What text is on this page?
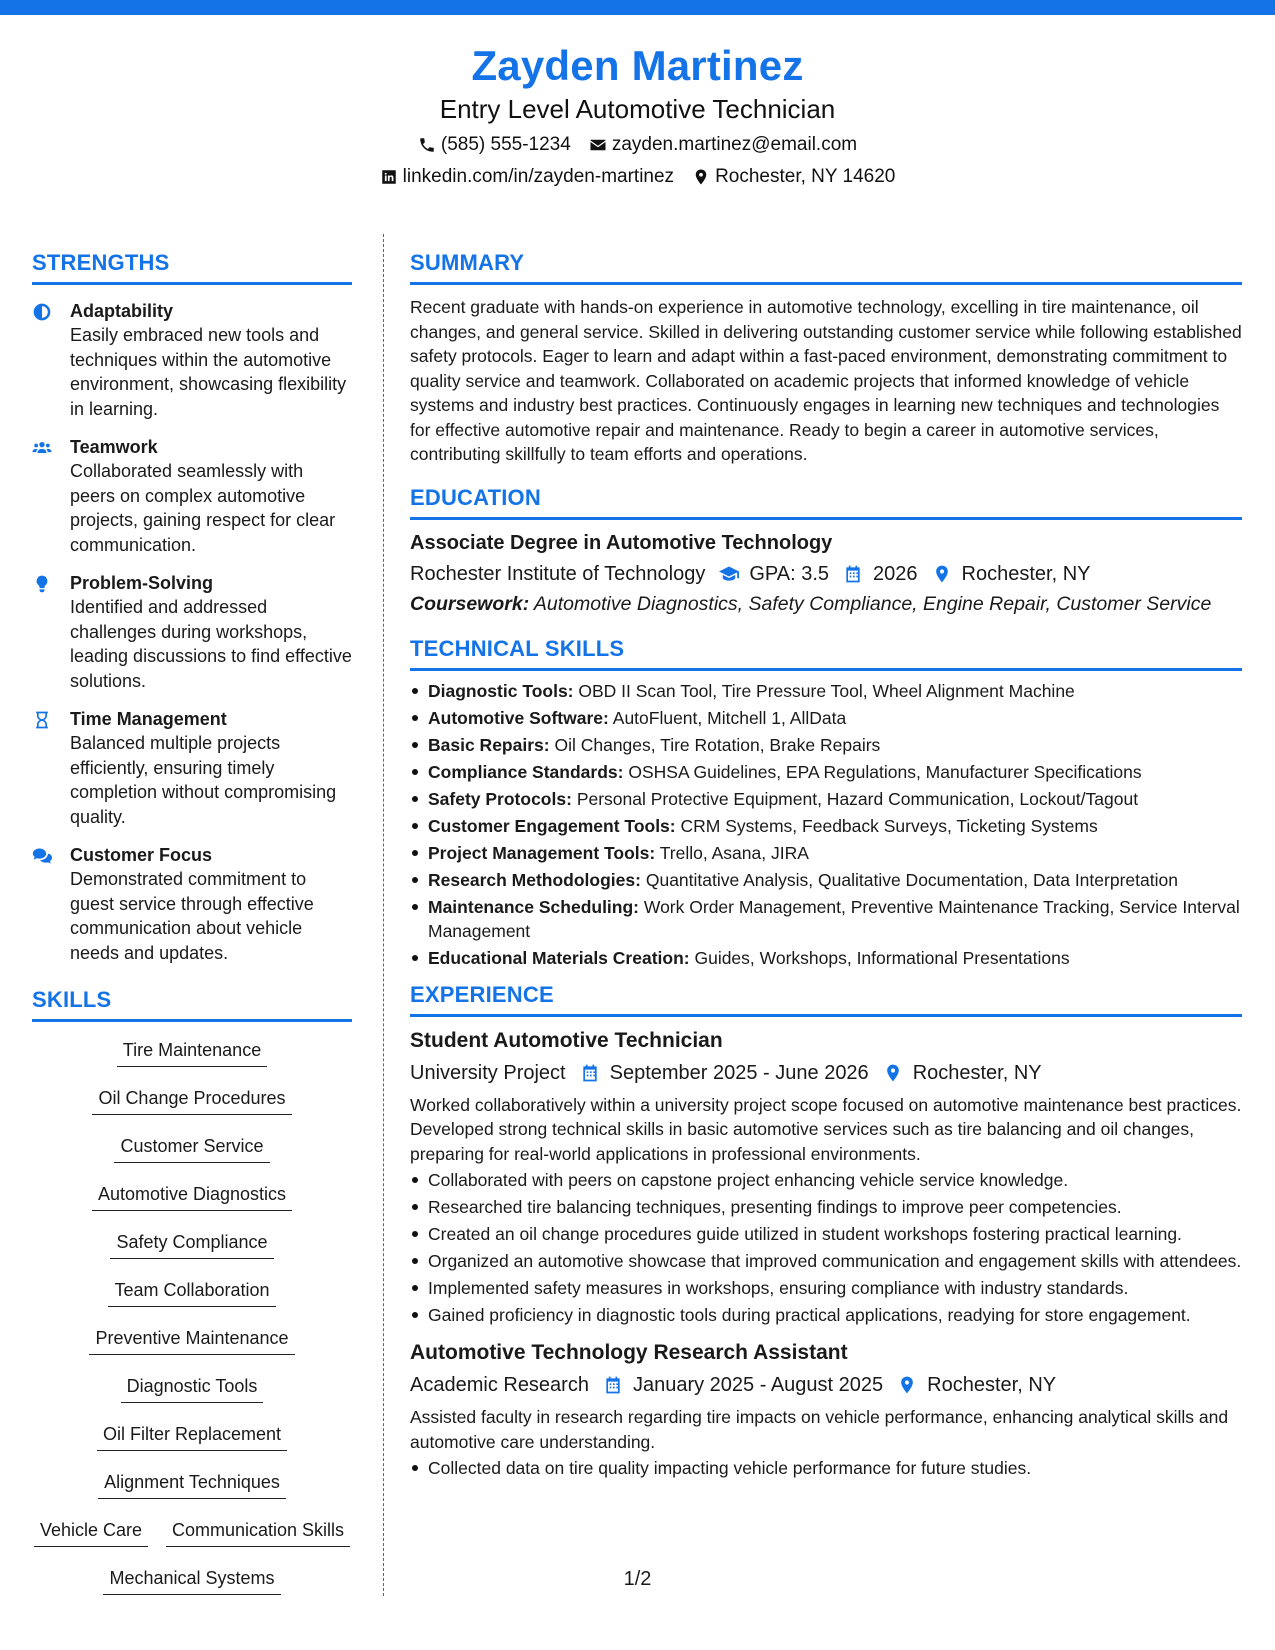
Zayden Martinez
Entry Level Automotive Technician
(585) 555-1234 zayden.martinez@email.com
linkedin.com/in/zayden-martinez Rochester, NY 14620
STRENGTHS
Adaptability
Easily embraced new tools and techniques within the automotive environment, showcasing flexibility in learning.
Teamwork
Collaborated seamlessly with peers on complex automotive projects, gaining respect for clear communication.
Problem-Solving
Identified and addressed challenges during workshops, leading discussions to find effective solutions.
Time Management
Balanced multiple projects efficiently, ensuring timely completion without compromising quality.
Customer Focus
Demonstrated commitment to guest service through effective communication about vehicle needs and updates.
SKILLS
Tire Maintenance
Oil Change Procedures
Customer Service
Automotive Diagnostics
Safety Compliance
Team Collaboration
Preventive Maintenance
Diagnostic Tools
Oil Filter Replacement
Alignment Techniques
Vehicle Care	Communication Skills
Mechanical Systems
SUMMARY
Recent graduate with hands-on experience in automotive technology, excelling in tire maintenance, oil changes, and general service. Skilled in delivering outstanding customer service while following established safety protocols. Eager to learn and adapt within a fast-paced environment, demonstrating commitment to quality service and teamwork. Collaborated on academic projects that informed knowledge of vehicle systems and industry best practices. Continuously engages in learning new techniques and technologies for effective automotive repair and maintenance. Ready to begin a career in automotive services, contributing skillfully to team efforts and operations.
EDUCATION
Associate Degree in Automotive Technology
Rochester Institute of Technology GPA: 3.5 2026 Rochester, NY
Coursework: Automotive Diagnostics, Safety Compliance, Engine Repair, Customer Service
TECHNICAL SKILLS
Diagnostic Tools: OBD II Scan Tool, Tire Pressure Tool, Wheel Alignment Machine
Automotive Software: AutoFluent, Mitchell 1, AllData
Basic Repairs: Oil Changes, Tire Rotation, Brake Repairs
Compliance Standards: OSHSA Guidelines, EPA Regulations, Manufacturer Specifications
Safety Protocols: Personal Protective Equipment, Hazard Communication, Lockout/Tagout
Customer Engagement Tools: CRM Systems, Feedback Surveys, Ticketing Systems
Project Management Tools: Trello, Asana, JIRA
Research Methodologies: Quantitative Analysis, Qualitative Documentation, Data Interpretation
Maintenance Scheduling: Work Order Management, Preventive Maintenance Tracking, Service Interval Management
Educational Materials Creation: Guides, Workshops, Informational Presentations
EXPERIENCE
Student Automotive Technician
University Project September 2025 - June 2026 Rochester, NY
Worked collaboratively within a university project scope focused on automotive maintenance best practices. Developed strong technical skills in basic automotive services such as tire balancing and oil changes, preparing for real-world applications in professional environments.
Collaborated with peers on capstone project enhancing vehicle service knowledge.
Researched tire balancing techniques, presenting findings to improve peer competencies.
Created an oil change procedures guide utilized in student workshops fostering practical learning.
Organized an automotive showcase that improved communication and engagement skills with attendees.
Implemented safety measures in workshops, ensuring compliance with industry standards.
Gained proficiency in diagnostic tools during practical applications, readying for store engagement.
Automotive Technology Research Assistant
Academic Research January 2025 - August 2025 Rochester, NY
Assisted faculty in research regarding tire impacts on vehicle performance, enhancing analytical skills and automotive care understanding.
Collected data on tire quality impacting vehicle performance for future studies.
1/2
